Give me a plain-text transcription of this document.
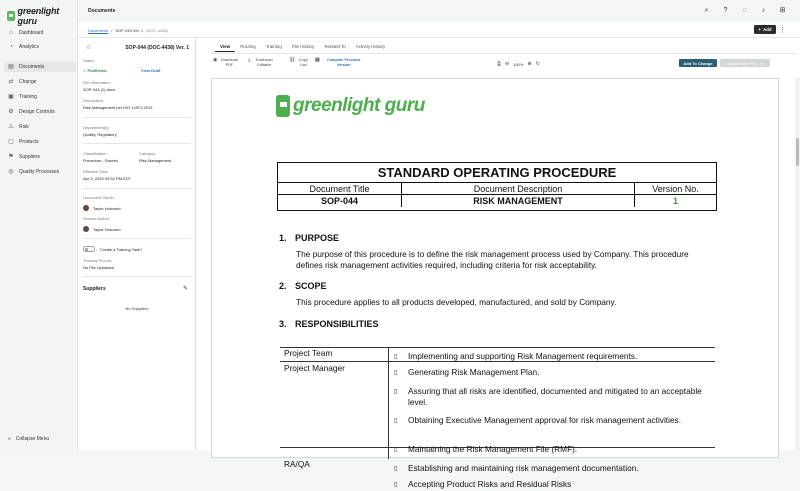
greenlight guru
⌂ Dashboard
◔ Analytics
▤ Documents
⇄ Change
▣ Training
⚙ Design Controls
⚠ Risk
▢ Products
⚑ Suppliers
◎ Quality Processes
« Collapse Menu
Documents	⌕ ? ◌ ♪ ⊞
Documents / SOP-044 Ver. 1 (DOC-4438)	+ Add ⋮
☆	SOP-044 (DOC-4438) Ver. 1
Status
✓ Published	View Draft
File Information
SOP-044 (1).docx
Description
Risk Management per ISO 14971:2019
Department(s)
Quality, Regulatory
Classification
Procedure - Routed
Category
Risk Management
Effective Date
Apr 9, 2025 03:52 PM EDT
Document Owner
Taylor Holcomb
Version Author
Taylor Holcomb
Create a Training Task?
Training Record
No File Uploaded
Suppliers	✎
No Suppliers
View	Routing	Training	File History	Related To	Activity History
◉ Download PDF
⤓	Download Editable
⛓ Copy Link
▤	Compare Previous Version	⎙ ⊖ 100% ⊕ ↻	Add To Change	Upload New File ▭
greenlight guru
STANDARD OPERATING PROCEDURE
Document Title	Document Description	Version No.
SOP-044	RISK MANAGEMENT	1
1. PURPOSE
The purpose of this procedure is to define the risk management process used by Company. This procedure defines risk management activities required, including criteria for risk acceptability.
2. SCOPE
This procedure applies to all products developed, manufactured, and sold by Company.
3. RESPONSIBILITIES
Project Team	▯	Implementing and supporting Risk Management requirements.
Project Manager	▯	Generating Risk Management Plan.
▯	Assuring that all risks are identified, documented and mitigated to an acceptable level.
▯	Obtaining Executive Management approval for risk management activities.
▯	Maintaining the Risk Management File (RMF).
RA/QA	▯	Establishing and maintaining risk management documentation.
▯	Accepting Product Risks and Residual Risks
